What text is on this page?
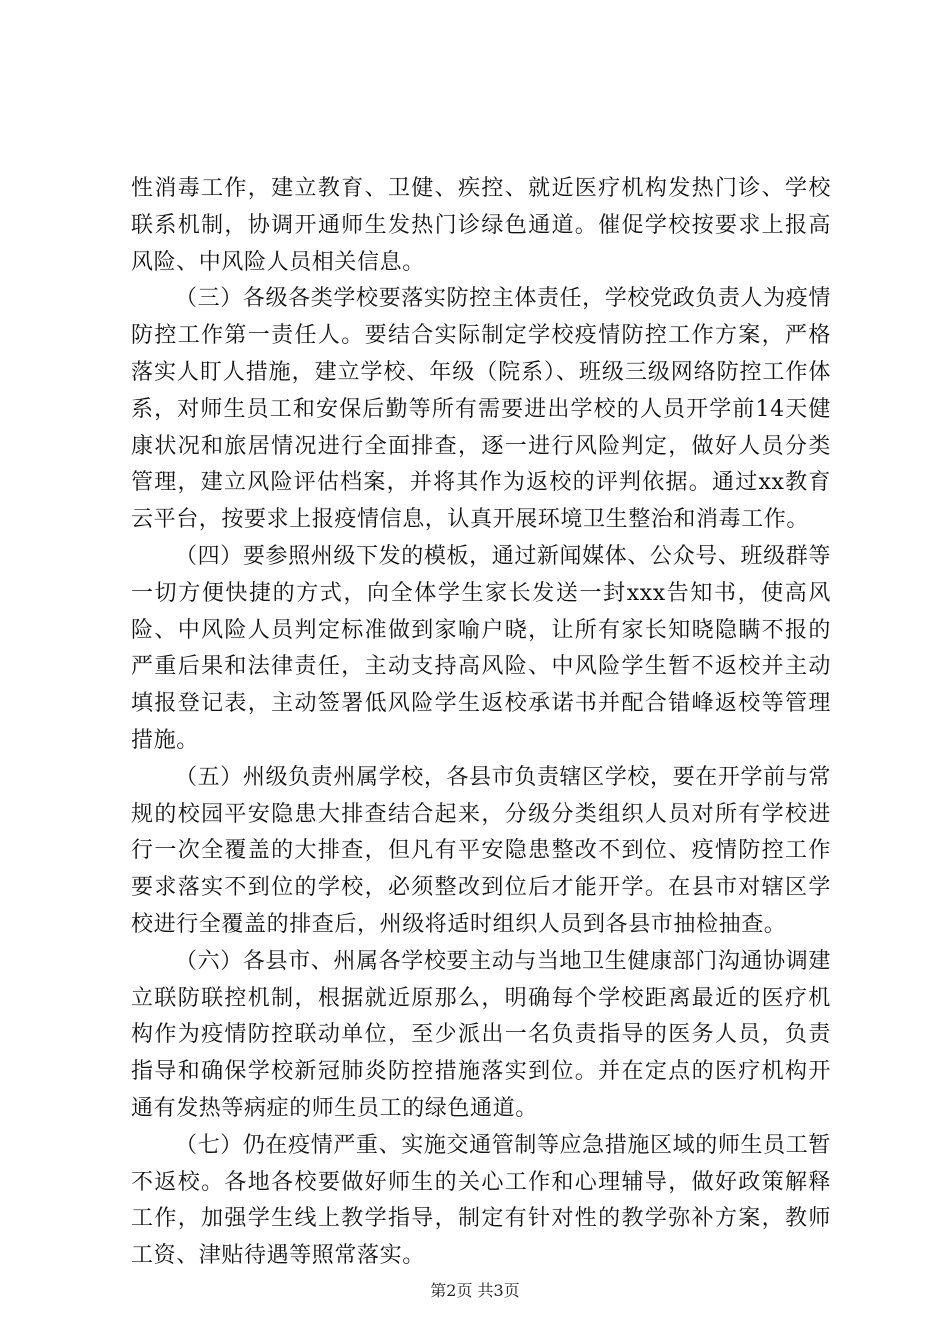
性消毒工作，建立教育、卫健、疾控、就近医疗机构发热门诊、学校联系机制，协调开通师生发热门诊绿色通道。催促学校按要求上报高风险、中风险人员相关信息。

（三）各级各类学校要落实防控主体责任，学校党政负责人为疫情防控工作第一责任人。要结合实际制定学校疫情防控工作方案，严格落实人盯人措施，建立学校、年级（院系）、班级三级网络防控工作体系，对师生员工和安保后勤等所有需要进出学校的人员开学前14天健康状况和旅居情况进行全面排查，逐一进行风险判定，做好人员分类管理，建立风险评估档案，并将其作为返校的评判依据。通过xx教育云平台，按要求上报疫情信息，认真开展环境卫生整治和消毒工作。

（四）要参照州级下发的模板，通过新闻媒体、公众号、班级群等一切方便快捷的方式，向全体学生家长发送一封xxx告知书，使高风险、中风险人员判定标准做到家喻户晓，让所有家长知晓隐瞒不报的严重后果和法律责任，主动支持高风险、中风险学生暂不返校并主动填报登记表，主动签署低风险学生返校承诺书并配合错峰返校等管理措施。

（五）州级负责州属学校，各县市负责辖区学校，要在开学前与常规的校园平安隐患大排查结合起来，分级分类组织人员对所有学校进行一次全覆盖的大排查，但凡有平安隐患整改不到位、疫情防控工作要求落实不到位的学校，必须整改到位后才能开学。在县市对辖区学校进行全覆盖的排查后，州级将适时组织人员到各县市抽检抽查。

（六）各县市、州属各学校要主动与当地卫生健康部门沟通协调建立联防联控机制，根据就近原那么，明确每个学校距离最近的医疗机构作为疫情防控联动单位，至少派出一名负责指导的医务人员，负责指导和确保学校新冠肺炎防控措施落实到位。并在定点的医疗机构开通有发热等病症的师生员工的绿色通道。

（七）仍在疫情严重、实施交通管制等应急措施区域的师生员工暂不返校。各地各校要做好师生的关心工作和心理辅导，做好政策解释工作，加强学生线上教学指导，制定有针对性的教学弥补方案，教师工资、津贴待遇等照常落实。

第2页 共3页
